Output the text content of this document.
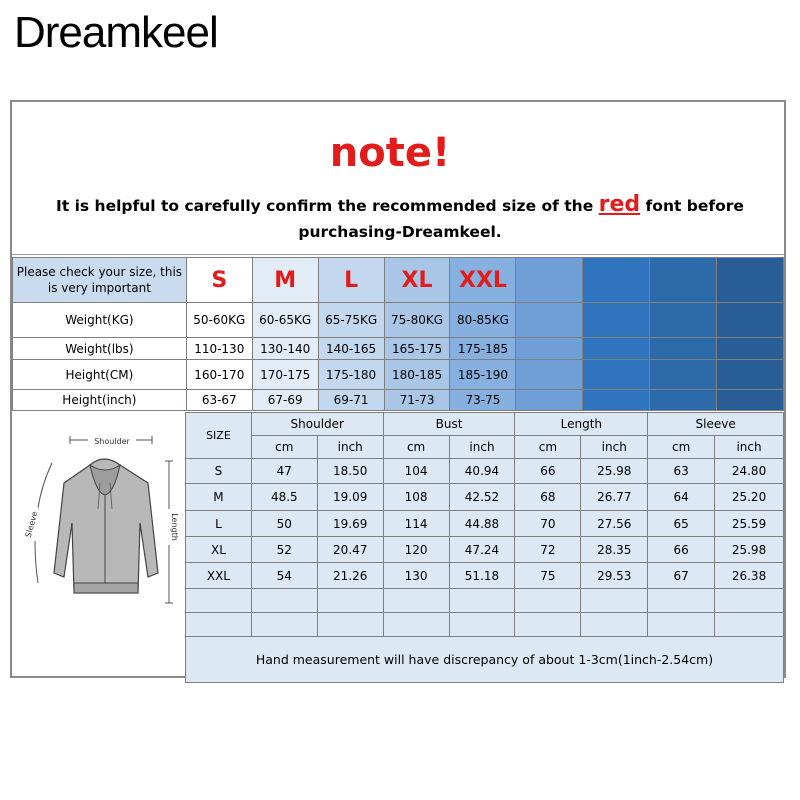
Dreamkeel
note!
It is helpful to carefully confirm the recommended size of the red font before
purchasing-Dreamkeel.
Please check your size, this is very important	S	M	L	XL	XXL				
Weight(KG)	50-60KG	60-65KG	65-75KG	75-80KG	80-85KG				
Weight(lbs)	110-130	130-140	140-165	165-175	175-185				
Height(CM)	160-170	170-175	175-180	180-185	185-190				
Height(inch)	63-67	67-69	69-71	71-73	73-75				
Shoulder
Length
Sleeve
SIZE	Shoulder		Bust		Length		Sleeve	
	cm	inch	cm	inch	cm	inch	cm	inch
S	47	18.50	104	40.94	66	25.98	63	24.80
M	48.5	19.09	108	42.52	68	26.77	64	25.20
L	50	19.69	114	44.88	70	27.56	65	25.59
XL	52	20.47	120	47.24	72	28.35	66	25.98
XXL	54	21.26	130	51.18	75	29.53	67	26.38

Hand measurement will have discrepancy of about 1-3cm(1inch-2.54cm)								
